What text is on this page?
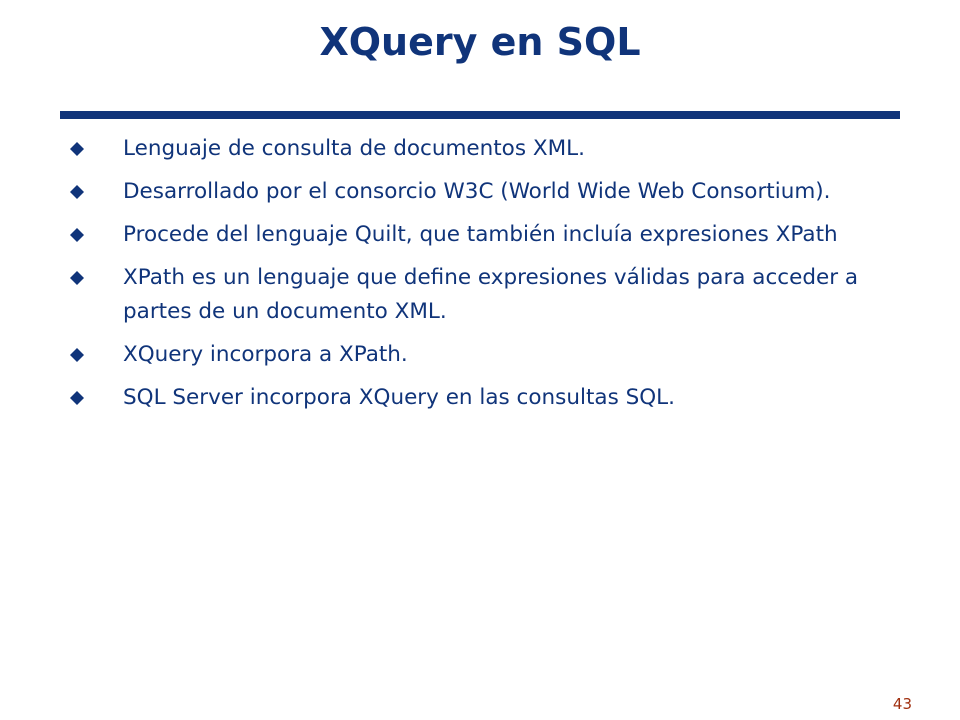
XQuery en SQL
Lenguaje de consulta de documentos XML.
Desarrollado por el consorcio W3C (World Wide Web Consortium).
Procede del lenguaje Quilt, que también incluía expresiones XPath
XPath es un lenguaje que define expresiones válidas para acceder a partes de un documento XML.
XQuery incorpora a XPath.
SQL Server incorpora XQuery en las consultas SQL.
43
